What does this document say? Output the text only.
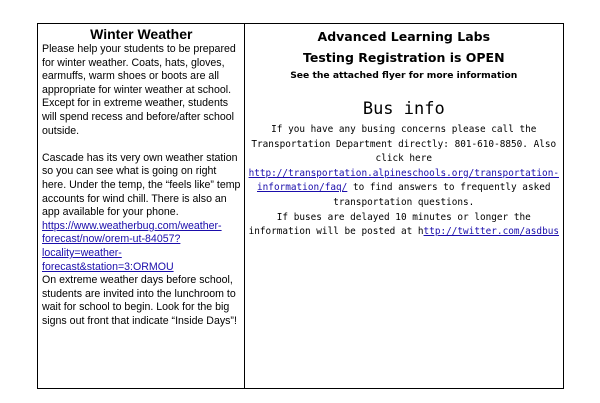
Winter Weather

Please help your students to be prepared for winter weather. Coats, hats, gloves, earmuffs, warm shoes or boots are all appropriate for winter weather at school. Except for in extreme weather, students will spend recess and before/after school outside.

Cascade has its very own weather station so you can see what is going on right here. Under the temp, the “feels like” temp accounts for wind chill. There is also an app available for your phone. https://www.weatherbug.com/weather-forecast/now/orem-ut-84057?locality=weather-forecast&station=3:ORMOU

On extreme weather days before school, students are invited into the lunchroom to wait for school to begin. Look for the big signs out front that indicate “Inside Days”!

Advanced Learning Labs
Testing Registration is OPEN
See the attached flyer for more information
Bus info

If you have any busing concerns please call the Transportation Department directly: 801-610-8850. Also click here http://transportation.alpineschools.org/transportation-information/faq/ to find answers to frequently asked transportation questions.

If buses are delayed 10 minutes or longer the information will be posted at http://twitter.com/asdbus
